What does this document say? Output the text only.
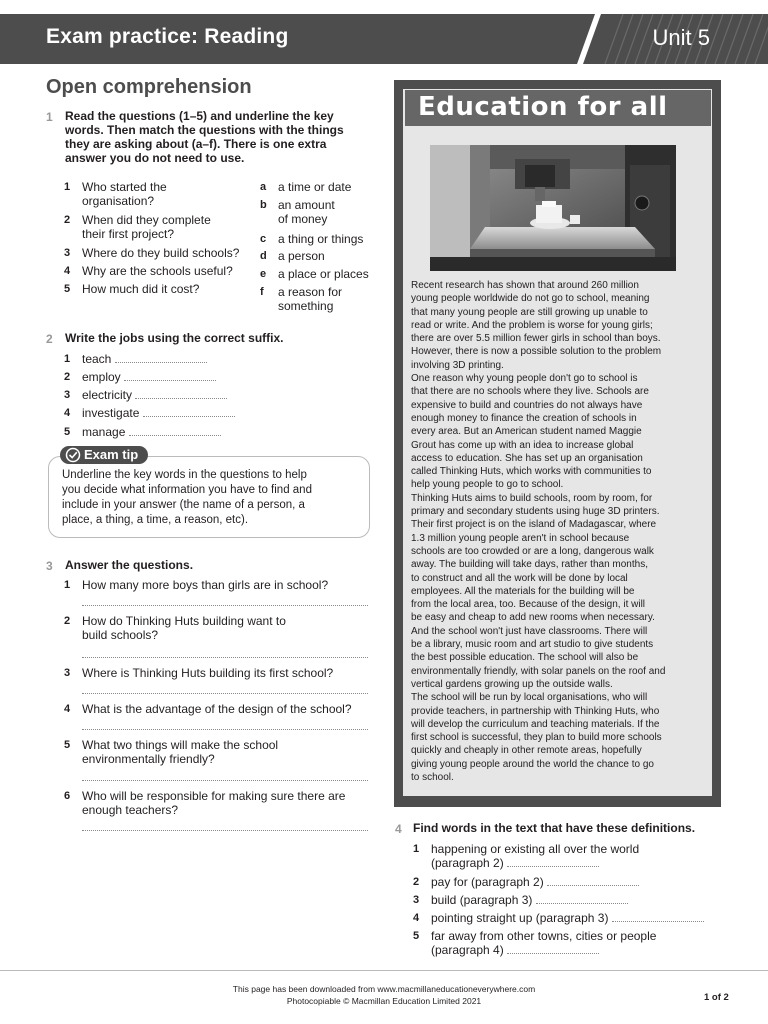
Exam practice: Reading	Unit 5
Open comprehension
1 Read the questions (1–5) and underline the key
words. Then match the questions with the things
they are asking about (a–f). There is one extra
answer you do not need to use.
1 Who started the
organisation?
2 When did they complete
their first project?
3 Where do they build schools?
4 Why are the schools useful?
5 How much did it cost?
a a time or date
b an amount
of money
c a thing or things
d a person
e a place or places
f a reason for
something
2 Write the jobs using the correct suffix.
1 teach
2 employ
3 electricity
4 investigate
5 manage
Exam tip
Underline the key words in the questions to help
you decide what information you have to find and
include in your answer (the name of a person, a
place, a thing, a time, a reason, etc).
3 Answer the questions.
1 How many more boys than girls are in school?
2 How do Thinking Huts building want to
build schools?
3 Where is Thinking Huts building its first school?
4 What is the advantage of the design of the school?
5 What two things will make the school
environmentally friendly?
6 Who will be responsible for making sure there are
enough teachers?
Education for all

Recent research has shown that around 260 million
young people worldwide do not go to school, meaning
that many young people are still growing up unable to
read or write. And the problem is worse for young girls;
there are over 5.5 million fewer girls in school than boys.
However, there is now a possible solution to the problem
involving 3D printing.

One reason why young people don't go to school is
that there are no schools where they live. Schools are
expensive to build and countries do not always have
enough money to finance the creation of schools in
every area. But an American student named Maggie
Grout has come up with an idea to increase global
access to education. She has set up an organisation
called Thinking Huts, which works with communities to
help young people to go to school.

Thinking Huts aims to build schools, room by room, for
primary and secondary students using huge 3D printers.
Their first project is on the island of Madagascar, where
1.3 million young people aren't in school because
schools are too crowded or are a long, dangerous walk
away. The building will take days, rather than months,
to construct and all the work will be done by local
employees. All the materials for the building will be
from the local area, too. Because of the design, it will
be easy and cheap to add new rooms when necessary.
And the school won't just have classrooms. There will
be a library, music room and art studio to give students
the best possible education. The school will also be
environmentally friendly, with solar panels on the roof and
vertical gardens growing up the outside walls.

The school will be run by local organisations, who will
provide teachers, in partnership with Thinking Huts, who
will develop the curriculum and teaching materials. If the
first school is successful, they plan to build more schools
quickly and cheaply in other remote areas, hopefully
giving young people around the world the chance to go
to school.

4 Find words in the text that have these definitions.
1 happening or existing all over the world
(paragraph 2)
2 pay for (paragraph 2)
3 build (paragraph 3)
4 pointing straight up (paragraph 3)
5 far away from other towns, cities or people
(paragraph 4)
This page has been downloaded from www.macmillaneducationeverywhere.com
Photocopiable © Macmillan Education Limited 2021	1 of 2
